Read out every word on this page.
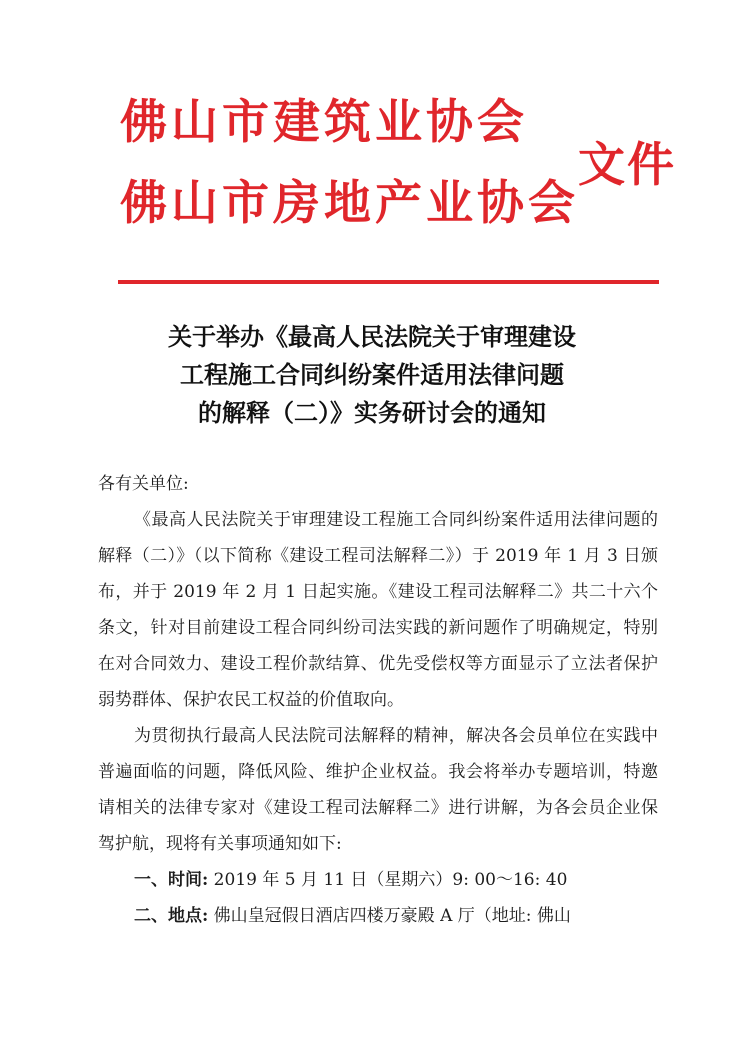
佛山市建筑业协会
佛山市房地产业协会
文件
关于举办《最高人民法院关于审理建设
工程施工合同纠纷案件适用法律问题
的解释（二）》实务研讨会的通知

各有关单位:

《最高人民法院关于审理建设工程施工合同纠纷案件适用法律问题的解释（二）》（以下简称《建设工程司法解释二》）于 2019 年 1 月 3 日颁布，并于 2019 年 2 月 1 日起实施。《建设工程司法解释二》共二十六个条文，针对目前建设工程合同纠纷司法实践的新问题作了明确规定，特别在对合同效力、建设工程价款结算、优先受偿权等方面显示了立法者保护弱势群体、保护农民工权益的价值取向。

为贯彻执行最高人民法院司法解释的精神，解决各会员单位在实践中普遍面临的问题，降低风险、维护企业权益。我会将举办专题培训，特邀请相关的法律专家对《建设工程司法解释二》进行讲解，为各会员企业保驾护航，现将有关事项通知如下:

一、时间: 2019 年 5 月 11 日（星期六）9: 00～16: 40

二、地点: 佛山皇冠假日酒店四楼万豪殿 A 厅（地址: 佛山
